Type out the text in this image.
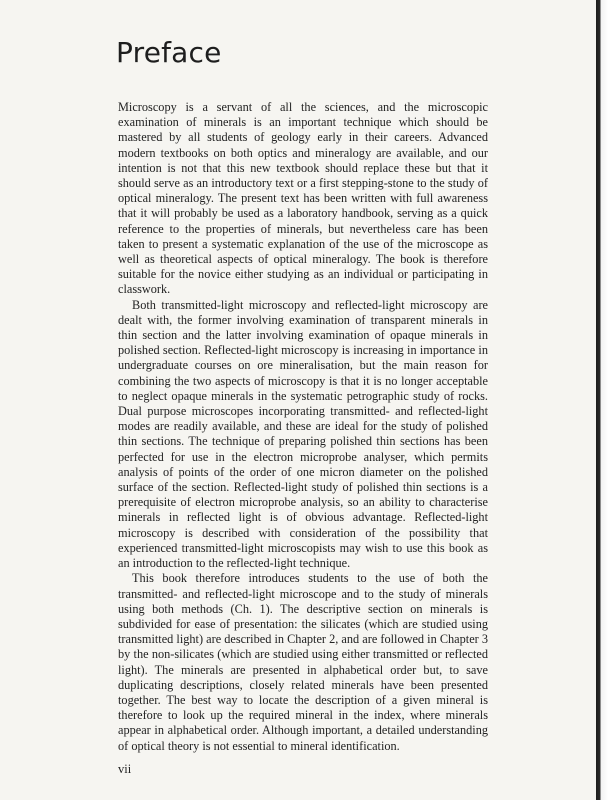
Preface

Microscopy is a servant of all the sciences, and the microscopic examination of minerals is an important technique which should be mastered by all students of geology early in their careers. Advanced modern textbooks on both optics and mineralogy are available, and our intention is not that this new textbook should replace these but that it should serve as an introductory text or a first stepping-stone to the study of optical mineralogy. The present text has been written with full awareness that it will probably be used as a laboratory handbook, serving as a quick reference to the properties of minerals, but nevertheless care has been taken to present a systematic explanation of the use of the microscope as well as theoretical aspects of optical mineralogy. The book is therefore suitable for the novice either studying as an individual or participating in classwork.

Both transmitted-light microscopy and reflected-light microscopy are dealt with, the former involving examination of transparent minerals in thin section and the latter involving examination of opaque minerals in polished section. Reflected-light microscopy is increasing in importance in undergraduate courses on ore mineralisation, but the main reason for combining the two aspects of microscopy is that it is no longer acceptable to neglect opaque minerals in the systematic petrographic study of rocks. Dual purpose microscopes incorporating transmitted- and reflected-light modes are readily available, and these are ideal for the study of polished thin sections. The technique of preparing polished thin sections has been perfected for use in the electron microprobe analyser, which permits analysis of points of the order of one micron diameter on the polished surface of the section. Reflected-light study of polished thin sections is a prerequisite of electron microprobe analysis, so an ability to characterise minerals in reflected light is of obvious advantage. Reflected-light microscopy is described with consideration of the possibility that experienced transmitted-light microscopists may wish to use this book as an introduction to the reflected-light technique.

This book therefore introduces students to the use of both the transmitted- and reflected-light microscope and to the study of minerals using both methods (Ch. 1). The descriptive section on minerals is subdivided for ease of presentation: the silicates (which are studied using transmitted light) are described in Chapter 2, and are followed in Chapter 3 by the non-silicates (which are studied using either transmitted or reflected light). The minerals are presented in alphabetical order but, to save duplicating descriptions, closely related minerals have been presented together. The best way to locate the description of a given mineral is therefore to look up the required mineral in the index, where minerals appear in alphabetical order. Although important, a detailed understanding of optical theory is not essential to mineral identification.

vii
